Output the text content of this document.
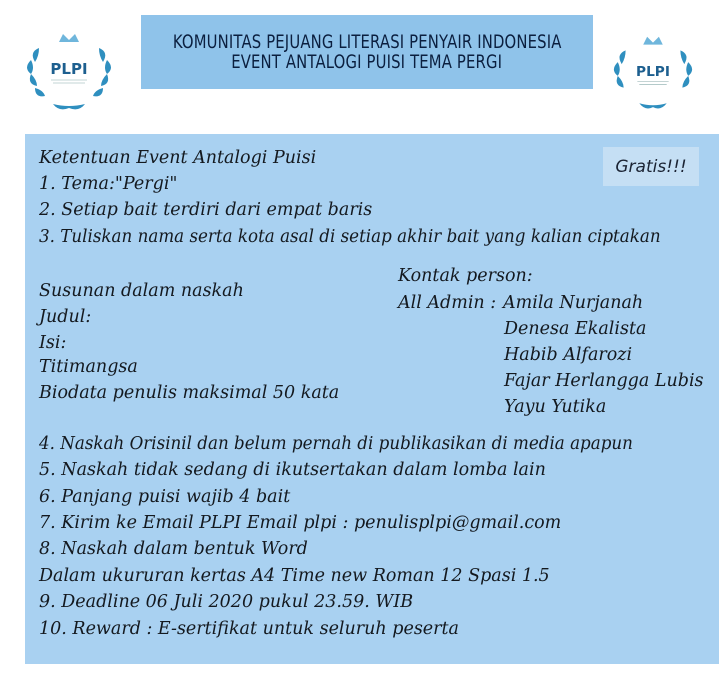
KOMUNITAS PEJUANG LITERASI PENYAIR INDONESIA
EVENT ANTALOGI PUISI TEMA PERGI
PLPI	PLPI
Gratis!!!
Ketentuan Event Antalogi Puisi
1. Tema:"Pergi"
2. Setiap bait terdiri dari empat baris
3. Tuliskan nama serta kota asal di setiap akhir bait yang kalian ciptakan
Susunan dalam naskah
Judul:
Isi:
Titimangsa
Biodata penulis maksimal 50 kata
Kontak person:
All Admin : Amila Nurjanah
Denesa Ekalista
Habib Alfarozi
Fajar Herlangga Lubis
Yayu Yutika
4. Naskah Orisinil dan belum pernah di publikasikan di media apapun
5. Naskah tidak sedang di ikutsertakan dalam lomba lain
6. Panjang puisi wajib 4 bait
7. Kirim ke Email PLPI Email plpi : penulisplpi@gmail.com
8. Naskah dalam bentuk Word
Dalam ukururan kertas A4 Time new Roman 12 Spasi 1.5
9. Deadline 06 Juli 2020 pukul 23.59. WIB
10. Reward : E-sertifikat untuk seluruh peserta
